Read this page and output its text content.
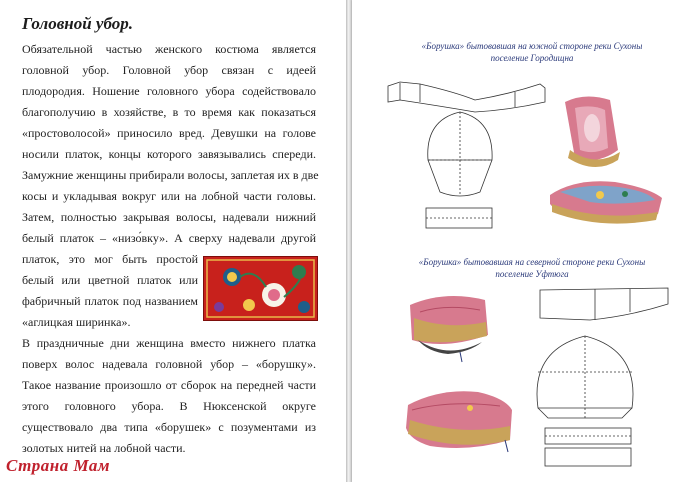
Головной убор.

Обязательной частью женского костюма является

головной убор. Головной убор связан с идеей

плодородия. Ношение головного убора содействовало

благополучию в хозяйстве, в то время как показаться

«простоволосой» приносило вред. Девушки на голове

носили платок, концы которого завязывались спереди.

Замужние женщины прибирали волосы, заплетая их в две

косы и укладывая вокруг или на лобной части головы.

Затем, полностью закрывая волосы, надевали нижний

белый платок – «низо́вку». А сверху надевали другой

платок, это мог быть простой

белый или цветной платок или

фабричный платок под названием

«аглицкая ширинка».

В праздничные дни женщина вместо нижнего платка

поверх волос надевала головной убор – «борушку».

Такое название произошло от сборок на передней части

этого головного убора. В Нюксенской округе

существовало два типа «борушек» с позументами из

золотых нитей на лобной части.

Страна Мам

«Борушка» бытовавшая на южной стороне реки Сухоны
поселение Городищна

«Борушка» бытовавшая на северной стороне реки Сухоны
поселение Уфтюга
